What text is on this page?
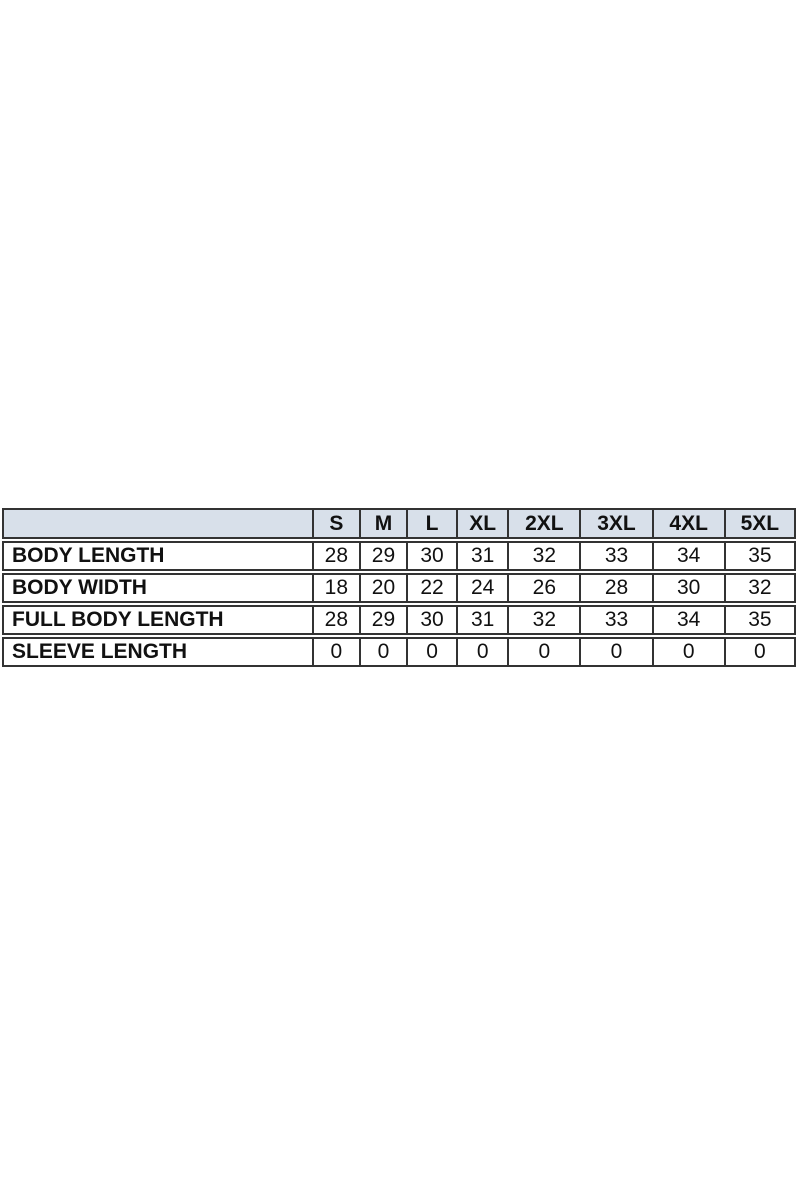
	S	M	L	XL	2XL	3XL	4XL	5XL
BODY LENGTH	28	29	30	31	32	33	34	35
BODY WIDTH	18	20	22	24	26	28	30	32
FULL BODY LENGTH	28	29	30	31	32	33	34	35
SLEEVE LENGTH	0	0	0	0	0	0	0	0
